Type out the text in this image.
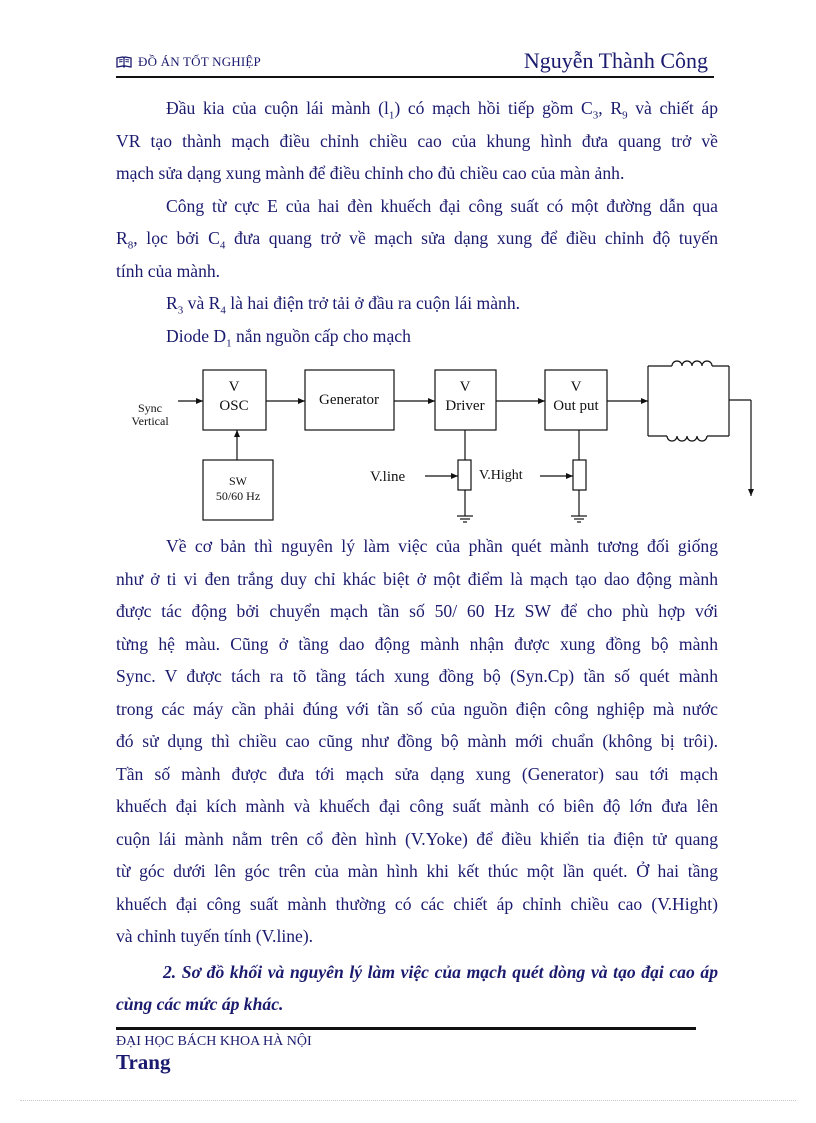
ĐỒ ÁN TỐT NGHIỆP	Nguyễn Thành Công

Đầu kia của cuộn lái mành $(l_1)$ có mạch hồi tiếp gồm $C_3$, $R_9$ và chiết áp

VR tạo thành mạch điều chỉnh chiều cao của khung hình đưa quang trở về

mạch sửa dạng xung mành để điều chỉnh cho đủ chiều cao của màn ảnh.

Công từ cực E của hai đèn khuếch đại công suất có một đường dẫn qua

$R_8$, lọc bởi $C_4$ đưa quang trở về mạch sửa dạng xung để điều chỉnh độ tuyến

tính của mành.

$R_3$ và $R_4$ là hai điện trở tải ở đầu ra cuộn lái mành.

Diode $D_1$ nắn nguồn cấp cho mạch

Sync
Vertical
V
OSC	Generator
V
Driver
V
Out put
SW
50/60 Hz
V.line	V.Hight

Về cơ bản thì nguyên lý làm việc của phần quét mành tương đối giống

như ở ti vi đen trắng duy chỉ khác biệt ở một điểm là mạch tạo dao động mành

được tác động bởi chuyển mạch tần số 50/ 60 Hz SW để cho phù hợp với

từng hệ màu. Cũng ở tầng dao động mành nhận được xung đồng bộ mành

Sync. V được tách ra tõ tầng tách xung đồng bộ (Syn.Cp) tần số quét mành

trong các máy cần phải đúng với tần số của nguồn điện công nghiệp mà nước

đó sử dụng thì chiều cao cũng như đồng bộ mành mới chuẩn (không bị trôi).

Tần số mành được đưa tới mạch sửa dạng xung (Generator) sau tới mạch

khuếch đại kích mành và khuếch đại công suất mành có biên độ lớn đưa lên

cuộn lái mành nằm trên cổ đèn hình (V.Yoke) để điều khiển tia điện tử quang

từ góc dưới lên góc trên của màn hình khi kết thúc một lần quét. Ở hai tầng

khuếch đại công suất mành thường có các chiết áp chỉnh chiều cao (V.Hight)

và chỉnh tuyến tính (V.line).

2. Sơ đồ khối và nguyên lý làm việc của mạch quét dòng và tạo đại cao áp cùng các mức áp khác.
ĐẠI HỌC BÁCH KHOA HÀ NỘI
Trang
